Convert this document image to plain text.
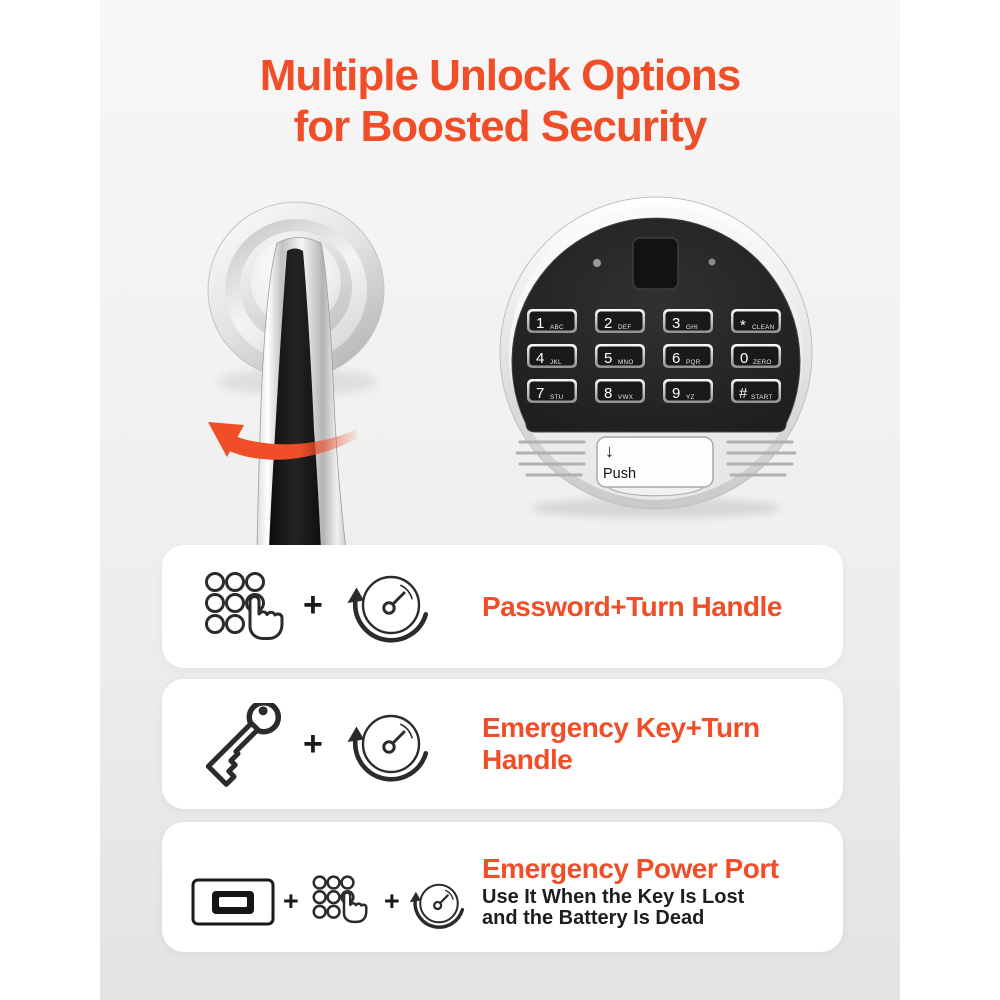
Multiple Unlock Options
for Boosted Security
1 ABC	2 DEF	3 GHI	* CLEAN
4 JKL	5 MNO	6 PQR	0 ZERO
7 STU	8 VWX	9 YZ	# START
↓
Push
+	Password+Turn Handle
+	Emergency Key+Turn Handle
+	+
Emergency Power Port
Use It When the Key Is Lost
and the Battery Is Dead
